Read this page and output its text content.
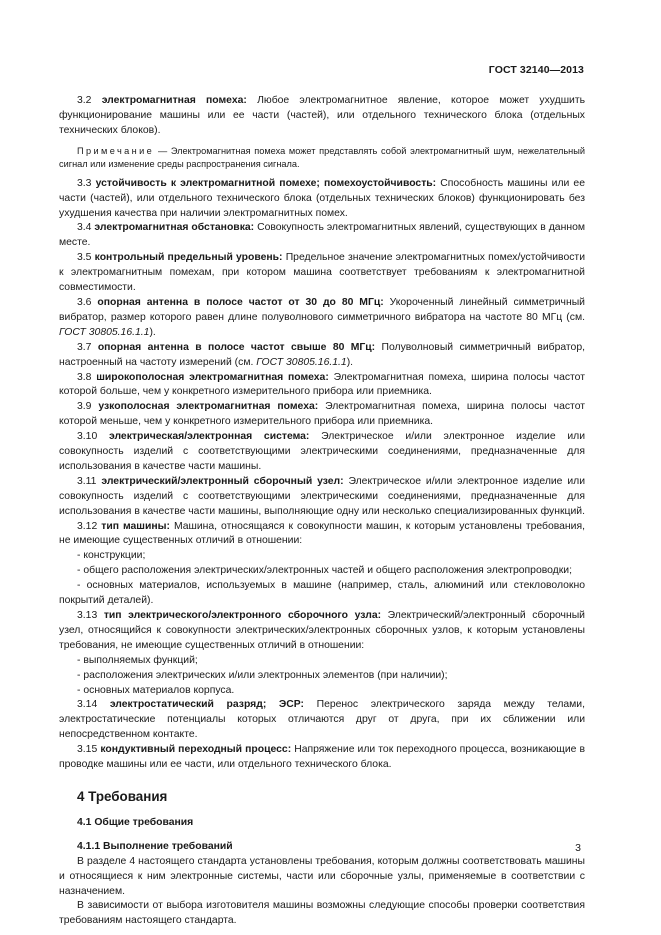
ГОСТ 32140—2013

3.2 электромагнитная помеха: Любое электромагнитное явление, которое может ухудшить функционирование машины или ее части (частей), или отдельного технического блока (отдельных технических блоков).

Примечание — Электромагнитная помеха может представлять собой электромагнитный шум, нежелательный сигнал или изменение среды распространения сигнала.

3.3 устойчивость к электромагнитной помехе; помехоустойчивость: Способность машины или ее части (частей), или отдельного технического блока (отдельных технических блоков) функционировать без ухудшения качества при наличии электромагнитных помех.

3.4 электромагнитная обстановка: Совокупность электромагнитных явлений, существующих в данном месте.

3.5 контрольный предельный уровень: Предельное значение электромагнитных помех/устойчивости к электромагнитным помехам, при котором машина соответствует требованиям к электромагнитной совместимости.

3.6 опорная антенна в полосе частот от 30 до 80 МГц: Укороченный линейный симметричный вибратор, размер которого равен длине полуволнового симметричного вибратора на частоте 80 МГц (см. ГОСТ 30805.16.1.1).

3.7 опорная антенна в полосе частот свыше 80 МГц: Полуволновый симметричный вибратор, настроенный на частоту измерений (см. ГОСТ 30805.16.1.1).

3.8 широкополосная электромагнитная помеха: Электромагнитная помеха, ширина полосы частот которой больше, чем у конкретного измерительного прибора или приемника.

3.9 узкополосная электромагнитная помеха: Электромагнитная помеха, ширина полосы частот которой меньше, чем у конкретного измерительного прибора или приемника.

3.10 электрическая/электронная система: Электрическое и/или электронное изделие или совокупность изделий с соответствующими электрическими соединениями, предназначенные для использования в качестве части машины.

3.11 электрический/электронный сборочный узел: Электрическое и/или электронное изделие или совокупность изделий с соответствующими электрическими соединениями, предназначенные для использования в качестве части машины, выполняющие одну или несколько специализированных функций.

3.12 тип машины: Машина, относящаяся к совокупности машин, к которым установлены требования, не имеющие существенных отличий в отношении:

- конструкции;

- общего расположения электрических/электронных частей и общего расположения электропроводки;

- основных материалов, используемых в машине (например, сталь, алюминий или стекловолокно покрытий деталей).

3.13 тип электрического/электронного сборочного узла: Электрический/электронный сборочный узел, относящийся к совокупности электрических/электронных сборочных узлов, к которым установлены требования, не имеющие существенных отличий в отношении:

- выполняемых функций;

- расположения электрических и/или электронных элементов (при наличии);

- основных материалов корпуса.

3.14 электростатический разряд; ЭСР: Перенос электрического заряда между телами, электростатические потенциалы которых отличаются друг от друга, при их сближении или непосредственном контакте.

3.15 кондуктивный переходный процесс: Напряжение или ток переходного процесса, возникающие в проводке машины или ее части, или отдельного технического блока.

4 Требования

4.1 Общие требования

4.1.1 Выполнение требований

В разделе 4 настоящего стандарта установлены требования, которым должны соответствовать машины и относящиеся к ним электронные системы, части или сборочные узлы, применяемые в соответствии с назначением.

В зависимости от выбора изготовителя машины возможны следующие способы проверки соответствия требованиям настоящего стандарта.

3
